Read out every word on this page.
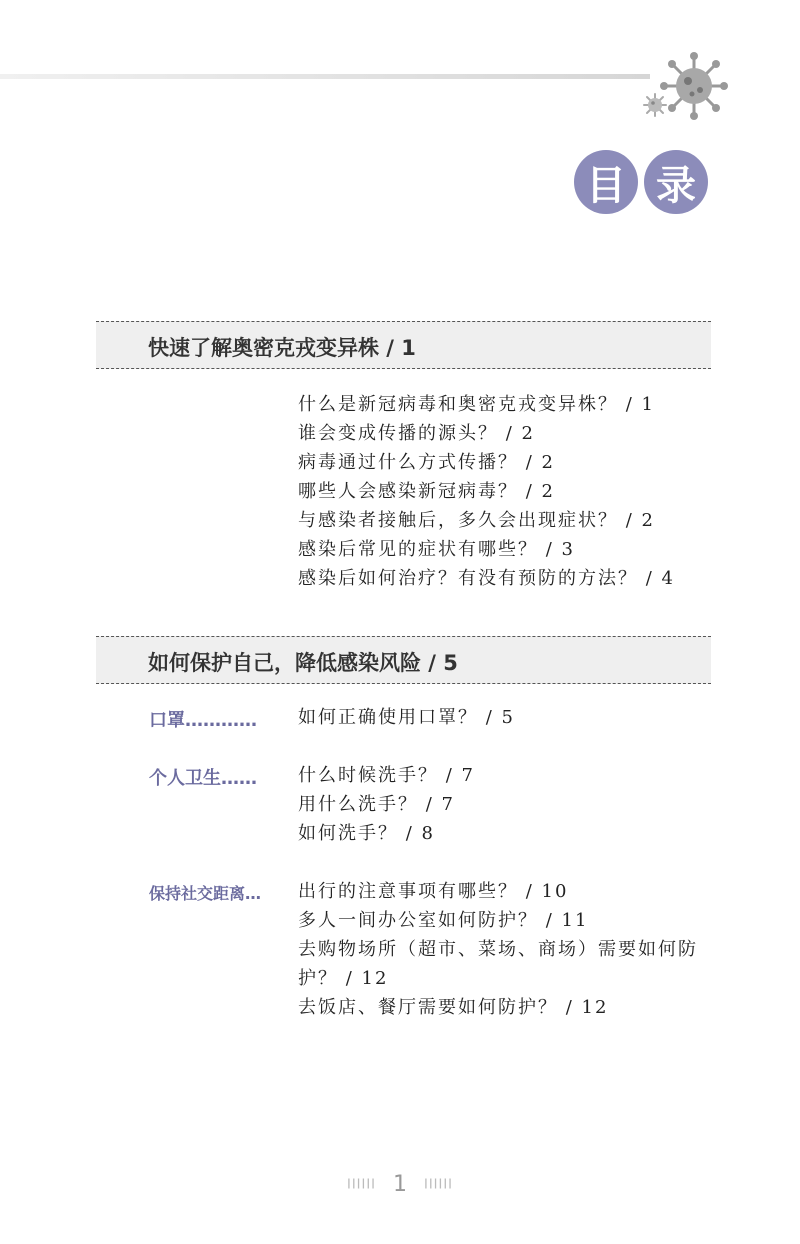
目 录
快速了解奥密克戎变异株 / 1
什么是新冠病毒和奥密克戎变异株？ / 1
谁会变成传播的源头？ / 2
病毒通过什么方式传播？ / 2
哪些人会感染新冠病毒？ / 2
与感染者接触后，多久会出现症状？ / 2
感染后常见的症状有哪些？ / 3
感染后如何治疗？有没有预防的方法？ / 4
如何保护自己，降低感染风险 / 5
口罩………… 如何正确使用口罩？ / 5
个人卫生…… 什么时候洗手？ / 7
用什么洗手？ / 7
如何洗手？ / 8
保持社交距离… 出行的注意事项有哪些？ / 10
多人一间办公室如何防护？ / 11
去购物场所（超市、菜场、商场）需要如何防护？ / 12
去饭店、餐厅需要如何防护？ / 12
IIIIII 1 IIIIII
